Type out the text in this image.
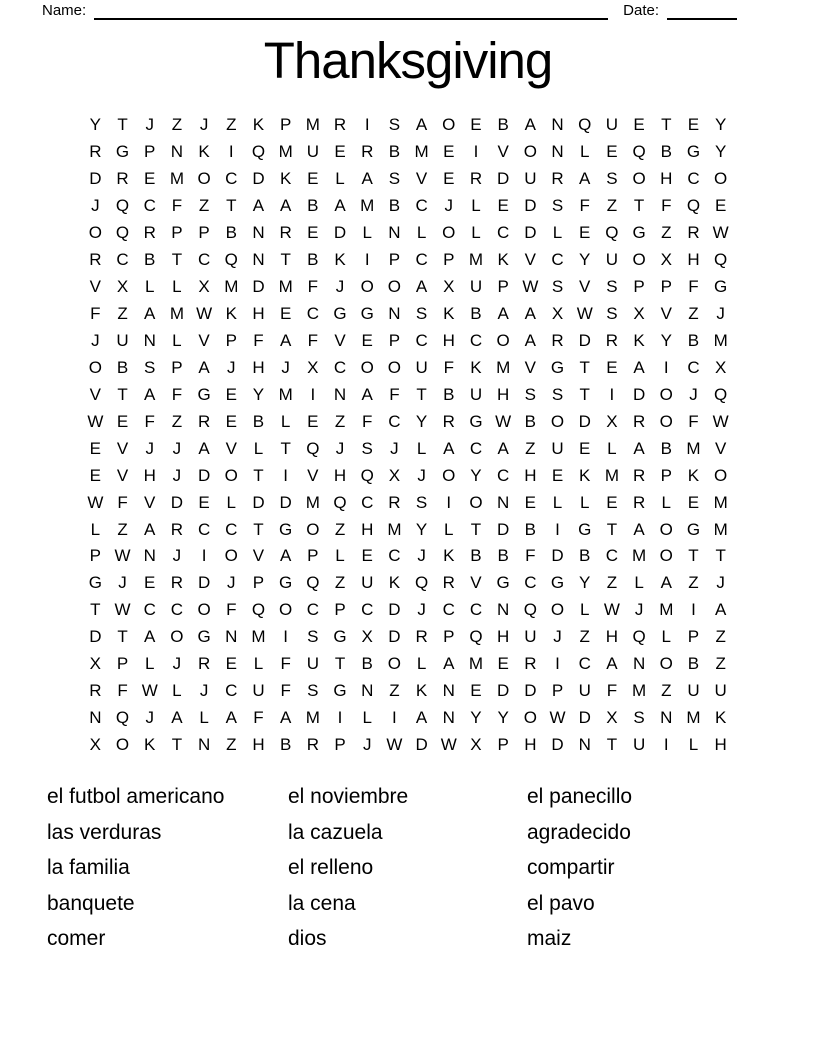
Name:	Date:
Thanksgiving
Y T	J	Z	J	Z K P M R	I	S A O E B A N Q U E T E Y
R G P N K	I	Q M U E R B M E	I	V O N L E Q B G Y
D R E M O C D K E L A S V E R D U R A S O H C O
J Q C F Z T A A B A M B C J	L E D S F Z T F Q E
O Q R P P B N R E D L N L O L C D L E Q G Z R W
R C B T C Q N T B K	I	P C P M K V C Y U O X H Q
V X L	L X M D M F	J O O A X U P W S V S P P F G
F Z A M W K H E C G G N S K B A A X W S X V Z	J
J U N L V P F A F V E P C H C O A R D R K Y B M
O B S P A	J H J	X C O O U F K M V G T E A	I	C X
V T A F G E Y M	I	N A F T B U H S S T	I	D O J Q
W E F Z R E B L E Z F C Y R G W B O D X R O F W
E V	J	J	A V L	T Q J	S	J	L A C A Z U E L A B M V
E V H J D O T	I	V H Q X	J O Y C H E K M R P K O
W F V D E L D D M Q C R S	I	O N E L	L E R L E M
L	Z A R C C T G O Z H M Y L	T D B	I	G T A O G M
P W N J	I	O V A P L E C J	K B B F D B C M O T T
G J	E R D J	P G Q Z U K Q R V G C G Y Z	L A Z	J
T W C C O F Q O C P C D J C C N Q O L W J M	I	A
D T A O G N M	I	S G X D R P Q H U J	Z H Q L P Z
X P L	J R E L	F U T B O L A M E R	I	C A N O B Z
R F W L	J C U F S G N Z K N E D D P U F M Z U U
N Q J	A L A F A M	I	L	I	A N Y Y O W D X S N M K
X O K T N Z H B R P	J W D W X P H D N T U	I	L H
el futbol americano
las verduras
la familia
banquete
comer
el noviembre
la cazuela
el relleno
la cena
dios
el panecillo
agradecido
compartir
el pavo
maiz
